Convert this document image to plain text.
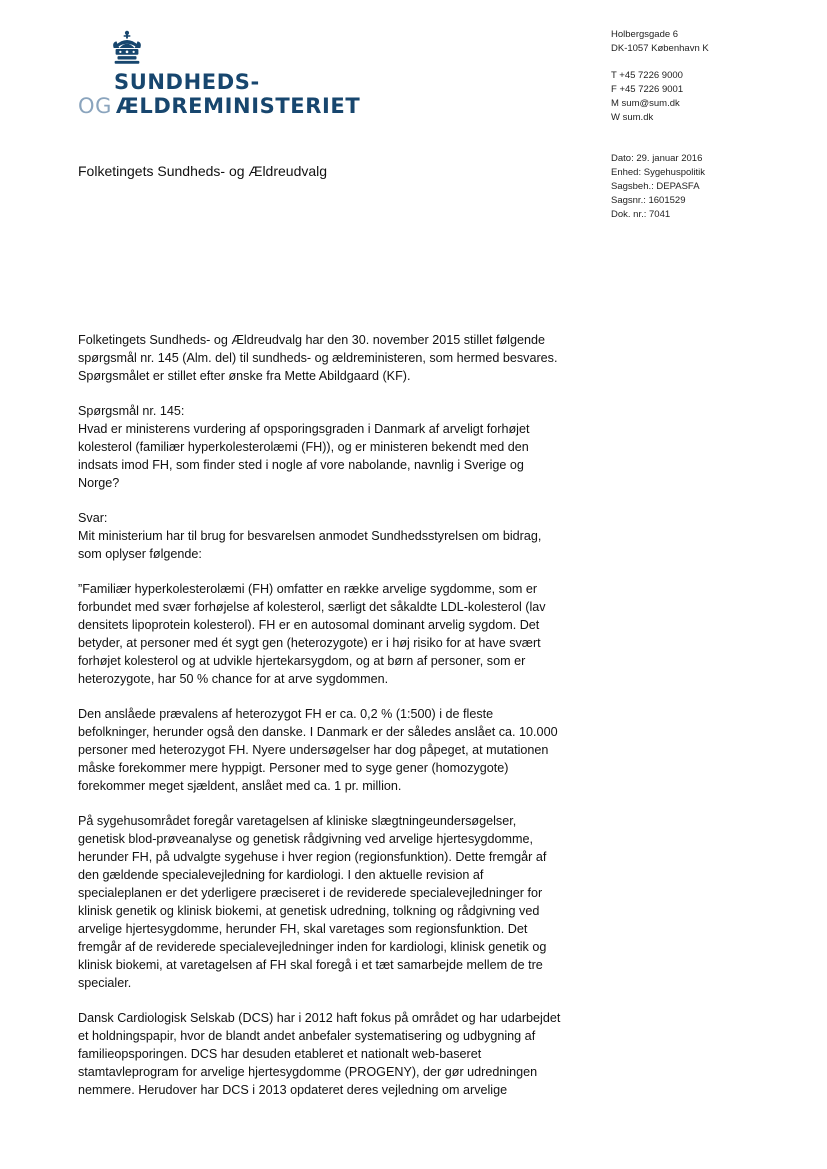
SUNDHEDS-
OG ÆLDREMINISTERIET
Holbergsgade 6
DK-1057 København K
T +45 7226 9000
F +45 7226 9001
M sum@sum.dk
W sum.dk
Dato: 29. januar 2016
Enhed: Sygehuspolitik
Sagsbeh.: DEPASFA
Sagsnr.: 1601529
Dok. nr.: 7041
Folketingets Sundheds- og Ældreudvalg

Folketingets Sundheds- og Ældreudvalg har den 30. november 2015 stillet følgende
spørgsmål nr. 145 (Alm. del) til sundheds- og ældreministeren, som hermed besvares.
Spørgsmålet er stillet efter ønske fra Mette Abildgaard (KF).

Spørgsmål nr. 145:
Hvad er ministerens vurdering af opsporingsgraden i Danmark af arveligt forhøjet
kolesterol (familiær hyperkolesterolæmi (FH)), og er ministeren bekendt med den
indsats imod FH, som finder sted i nogle af vore nabolande, navnlig i Sverige og
Norge?

Svar:
Mit ministerium har til brug for besvarelsen anmodet Sundhedsstyrelsen om bidrag,
som oplyser følgende:

”Familiær hyperkolesterolæmi (FH) omfatter en række arvelige sygdomme, som er
forbundet med svær forhøjelse af kolesterol, særligt det såkaldte LDL-kolesterol (lav
densitets lipoprotein kolesterol). FH er en autosomal dominant arvelig sygdom. Det
betyder, at personer med ét sygt gen (heterozygote) er i høj risiko for at have svært
forhøjet kolesterol og at udvikle hjertekarsygdom, og at børn af personer, som er
heterozygote, har 50 % chance for at arve sygdommen.

Den anslåede prævalens af heterozygot FH er ca. 0,2 % (1:500) i de fleste
befolkninger, herunder også den danske. I Danmark er der således anslået ca. 10.000
personer med heterozygot FH. Nyere undersøgelser har dog påpeget, at mutationen
måske forekommer mere hyppigt. Personer med to syge gener (homozygote)
forekommer meget sjældent, anslået med ca. 1 pr. million.

På sygehusområdet foregår varetagelsen af kliniske slægtningeundersøgelser,
genetisk blod-prøveanalyse og genetisk rådgivning ved arvelige hjertesygdomme,
herunder FH, på udvalgte sygehuse i hver region (regionsfunktion). Dette fremgår af
den gældende specialevejledning for kardiologi. I den aktuelle revision af
specialeplanen er det yderligere præciseret i de reviderede specialevejledninger for
klinisk genetik og klinisk biokemi, at genetisk udredning, tolkning og rådgivning ved
arvelige hjertesygdomme, herunder FH, skal varetages som regionsfunktion. Det
fremgår af de reviderede specialevejledninger inden for kardiologi, klinisk genetik og
klinisk biokemi, at varetagelsen af FH skal foregå i et tæt samarbejde mellem de tre
specialer.

Dansk Cardiologisk Selskab (DCS) har i 2012 haft fokus på området og har udarbejdet
et holdningspapir, hvor de blandt andet anbefaler systematisering og udbygning af
familieopsporingen. DCS har desuden etableret et nationalt web-baseret
stamtavleprogram for arvelige hjertesygdomme (PROGENY), der gør udredningen
nemmere. Herudover har DCS i 2013 opdateret deres vejledning om arvelige
